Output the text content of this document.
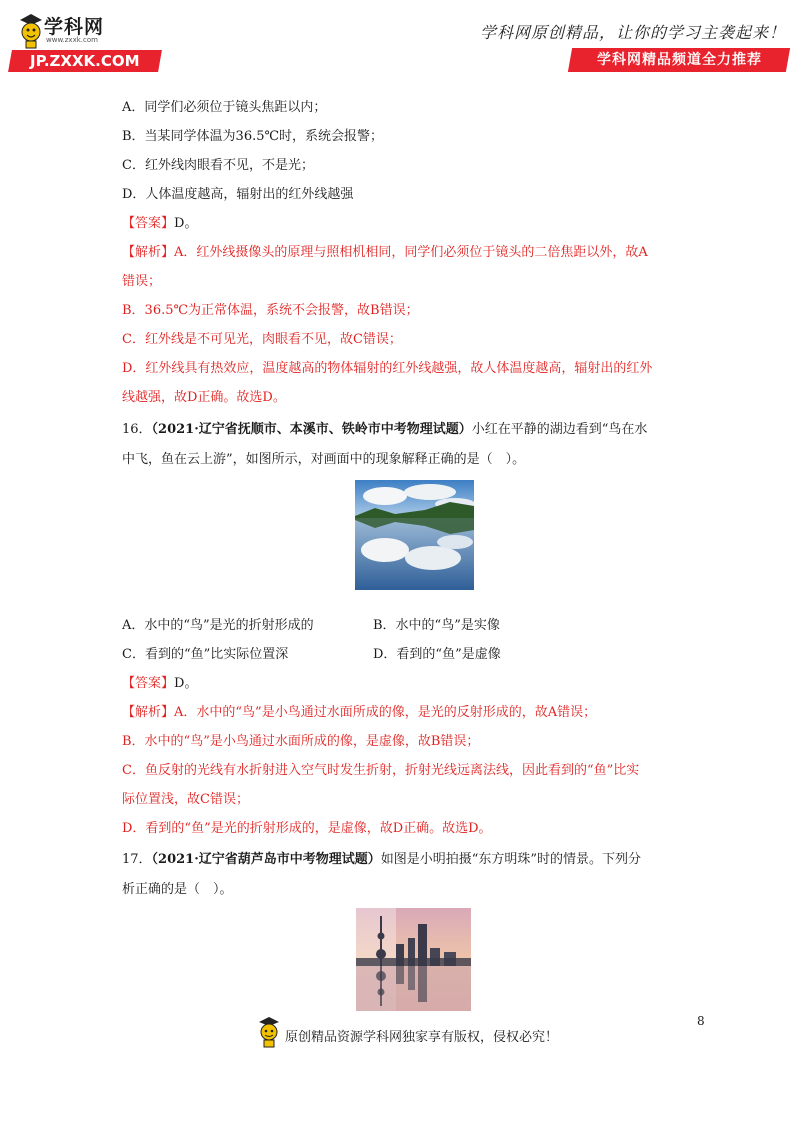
学科网
www.zxxk.com
JP.ZXXK.COM
学科网原创精品，让你的学习主袭起来！
学科网精品频道全力推荐
A．同学们必须位于镜头焦距以内；
B．当某同学体温为36.5℃时，系统会报警；
C．红外线肉眼看不见，不是光；
D．人体温度越高，辐射出的红外线越强
【答案】D。
【解析】A．红外线摄像头的原理与照相机相同，同学们必须位于镜头的二倍焦距以外，故A
错误；
B．36.5℃为正常体温，系统不会报警，故B错误；
C．红外线是不可见光，肉眼看不见，故C错误；
D．红外线具有热效应，温度越高的物体辐射的红外线越强，故人体温度越高，辐射出的红外
线越强，故D正确。故选D。
16．（2021·辽宁省抚顺市、本溪市、铁岭市中考物理试题）小红在平静的湖边看到“鸟在水
中飞，鱼在云上游”，如图所示，对画面中的现象解释正确的是（　）。
A．水中的“鸟”是光的折射形成的	B．水中的“鸟”是实像
C．看到的“鱼”比实际位置深	D．看到的“鱼”是虚像
【答案】D。
【解析】A．水中的“鸟”是小鸟通过水面所成的像，是光的反射形成的，故A错误；
B．水中的“鸟”是小鸟通过水面所成的像，是虚像，故B错误；
C．鱼反射的光线有水折射进入空气时发生折射，折射光线远离法线，因此看到的“鱼”比实
际位置浅，故C错误；
D．看到的“鱼”是光的折射形成的，是虚像，故D正确。故选D。
17．（2021·辽宁省葫芦岛市中考物理试题）如图是小明拍摄“东方明珠”时的情景。下列分
析正确的是（　）。
8
原创精品资源学科网独家享有版权，侵权必究！
